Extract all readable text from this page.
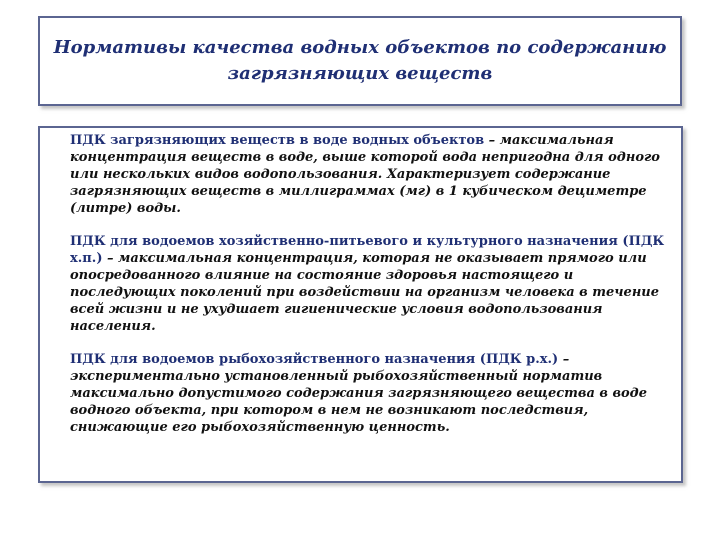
Нормативы качества водных объектов по содержанию
загрязняющих веществ

ПДК загрязняющих веществ в воде водных объектов – максимальная концентрация веществ в воде, выше которой вода непригодна для одного или нескольких видов водопользования. Характеризует содержание загрязняющих веществ в миллиграммах (мг) в 1 кубическом дециметре (литре) воды.

ПДК для водоемов хозяйственно-питьевого и культурного назначения (ПДК х.п.) – максимальная концентрация, которая не оказывает прямого или опосредованного влияние на состояние здоровья настоящего и последующих поколений при воздействии на организм человека в течение всей жизни и не ухудшает гигиенические условия водопользования населения.

ПДК для водоемов рыбохозяйственного назначения (ПДК р.х.) – экспериментально установленный рыбохозяйственный норматив максимально допустимого содержания загрязняющего вещества в воде водного объекта, при котором в нем не возникают последствия, снижающие его рыбохозяйственную ценность.
